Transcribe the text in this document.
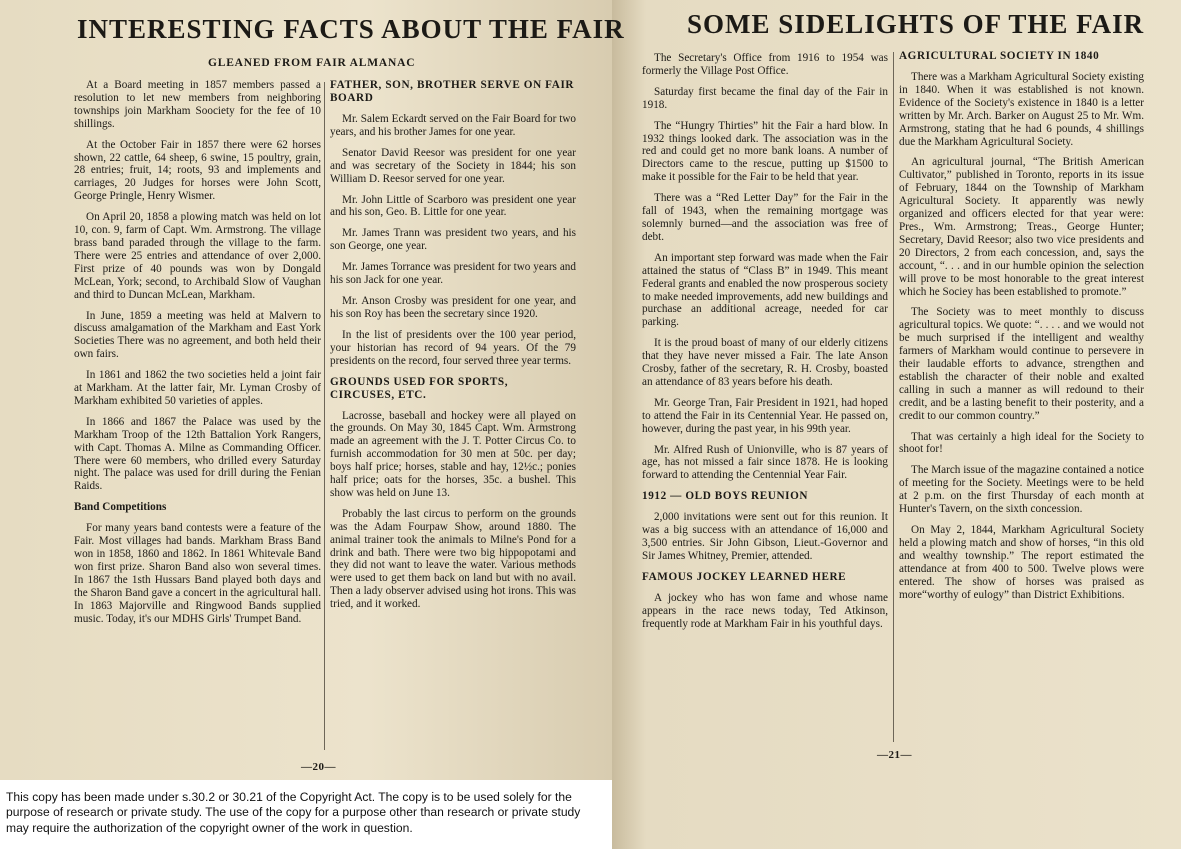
INTERESTING FACTS ABOUT THE FAIR
GLEANED FROM FAIR ALMANAC

At a Board meeting in 1857 members passed a resolution to let new members from neighboring townships join Markham Soociety for the fee of 10 shillings.

At the October Fair in 1857 there were 62 horses shown, 22 cattle, 64 sheep, 6 swine, 15 poultry, grain, 28 entries; fruit, 14; roots, 93 and implements and carriages, 20 Judges for horses were John Scott, George Pringle, Henry Wismer.

On April 20, 1858 a plowing match was held on lot 10, con. 9, farm of Capt. Wm. Armstrong. The village brass band paraded through the village to the farm. There were 25 entries and attendance of over 2,000. First prize of 40 pounds was won by Dongald McLean, York; second, to Archibald Slow of Vaughan and third to Duncan McLean, Markham.

In June, 1859 a meeting was held at Malvern to discuss amalgamation of the Markham and East York Societies There was no agreement, and both held their own fairs.

In 1861 and 1862 the two societies held a joint fair at Markham. At the latter fair, Mr. Lyman Crosby of Markham exhibited 50 varieties of apples.

In 1866 and 1867 the Palace was used by the Markham Troop of the 12th Battalion York Rangers, with Capt. Thomas A. Milne as Commanding Officer. There were 60 members, who drilled every Saturday night. The palace was used for drill during the Fenian Raids.

Band Competitions

For many years band contests were a feature of the Fair. Most villages had bands. Markham Brass Band won in 1858, 1860 and 1862. In 1861 Whitevale Band won first prize. Sharon Band also won several times. In 1867 the 1sth Hussars Band played both days and the Sharon Band gave a concert in the agricultural hall. In 1863 Majorville and Ringwood Bands supplied music. Today, it's our MDHS Girls' Trumpet Band.

FATHER, SON, BROTHER SERVE ON FAIR BOARD

Mr. Salem Eckardt served on the Fair Board for two years, and his brother James for one year.

Senator David Reesor was president for one year and was secretary of the Society in 1844; his son William D. Reesor served for one year.

Mr. John Little of Scarboro was president one year and his son, Geo. B. Little for one year.

Mr. James Trann was president two years, and his son George, one year.

Mr. James Torrance was president for two years and his son Jack for one year.

Mr. Anson Crosby was president for one year, and his son Roy has been the secretary since 1920.

In the list of presidents over the 100 year period, your historian has record of 94 years. Of the 79 presidents on the record, four served three year terms.

GROUNDS USED FOR SPORTS, CIRCUSES, ETC.

Lacrosse, baseball and hockey were all played on the grounds. On May 30, 1845 Capt. Wm. Armstrong made an agreement with the J. T. Potter Circus Co. to furnish accommodation for 30 men at 50c. per day; boys half price; horses, stable and hay, 12½c.; ponies half price; oats for the horses, 35c. a bushel. This show was held on June 13.

Probably the last circus to perform on the grounds was the Adam Fourpaw Show, around 1880. The animal trainer took the animals to Milne's Pond for a drink and bath. There were two big hippopotami and they did not want to leave the water. Various methods were used to get them back on land but with no avail. Then a lady observer advised using hot irons. This was tried, and it worked.

—20—
SOME SIDELIGHTS OF THE FAIR

The Secretary's Office from 1916 to 1954 was formerly the Village Post Office.

Saturday first became the final day of the Fair in 1918.

The “Hungry Thirties” hit the Fair a hard blow. In 1932 things looked dark. The association was in the red and could get no more bank loans. A number of Directors came to the rescue, putting up $1500 to make it possible for the Fair to be held that year.

There was a “Red Letter Day” for the Fair in the fall of 1943, when the remaining mortgage was solemnly burned—and the association was free of debt.

An important step forward was made when the Fair attained the status of “Class B” in 1949. This meant Federal grants and enabled the now prosperous society to make needed improvements, add new buildings and purchase an additional acreage, needed for car parking.

It is the proud boast of many of our elderly citizens that they have never missed a Fair. The late Anson Crosby, father of the secretary, R. H. Crosby, boasted an attendance of 83 years before his death.

Mr. George Tran, Fair President in 1921, had hoped to attend the Fair in its Centennial Year. He passed on, however, during the past year, in his 99th year.

Mr. Alfred Rush of Unionville, who is 87 years of age, has not missed a fair since 1878. He is looking forward to attending the Centennial Year Fair.

1912 — OLD BOYS REUNION

2,000 invitations were sent out for this reunion. It was a big success with an attendance of 16,000 and 3,500 entries. Sir John Gibson, Lieut.-Governor and Sir James Whitney, Premier, attended.

FAMOUS JOCKEY LEARNED HERE

A jockey who has won fame and whose name appears in the race news today, Ted Atkinson, frequently rode at Markham Fair in his youthful days.

AGRICULTURAL SOCIETY IN 1840

There was a Markham Agricultural Society existing in 1840. When it was established is not known. Evidence of the Society's existence in 1840 is a letter written by Mr. Arch. Barker on August 25 to Mr. Wm. Armstrong, stating that he had 6 pounds, 4 shillings due the Markham Agricultural Society.

An agricultural journal, “The British American Cultivator,” published in Toronto, reports in its issue of February, 1844 on the Township of Markham Agricultural Society. It apparently was newly organized and officers elected for that year were: Pres., Wm. Armstrong; Treas., George Hunter; Secretary, David Reesor; also two vice presidents and 20 Directors, 2 from each concession, and, says the account, “. . . and in our humble opinion the selection will prove to be most honorable to the great interest which he Sociey has been established to promote.”

The Society was to meet monthly to discuss agricultural topics. We quote: “. . . . and we would not be much surprised if the intelligent and wealthy farmers of Markham would continue to persevere in their laudable efforts to advance, strengthen and establish the character of their noble and exalted calling in such a manner as will redound to their credit, and be a lasting benefit to their posterity, and a credit to our common country.”

That was certainly a high ideal for the Society to shoot for!

The March issue of the magazine contained a notice of meeting for the Society. Meetings were to be held at 2 p.m. on the first Thursday of each month at Hunter's Tavern, on the sixth concession.

On May 2, 1844, Markham Agricultural Society held a plowing match and show of horses, “in this old and wealthy township.” The report estimated the attendance at from 400 to 500. Twelve plows were entered. The show of horses was praised as more“worthy of eulogy” than District Exhibitions.

—21—
This copy has been made under s.30.2 or 30.21 of the Copyright Act. The copy is to be used solely for the purpose of research or private study. The use of the copy for a purpose other than research or private study may require the authorization of the copyright owner of the work in question.
